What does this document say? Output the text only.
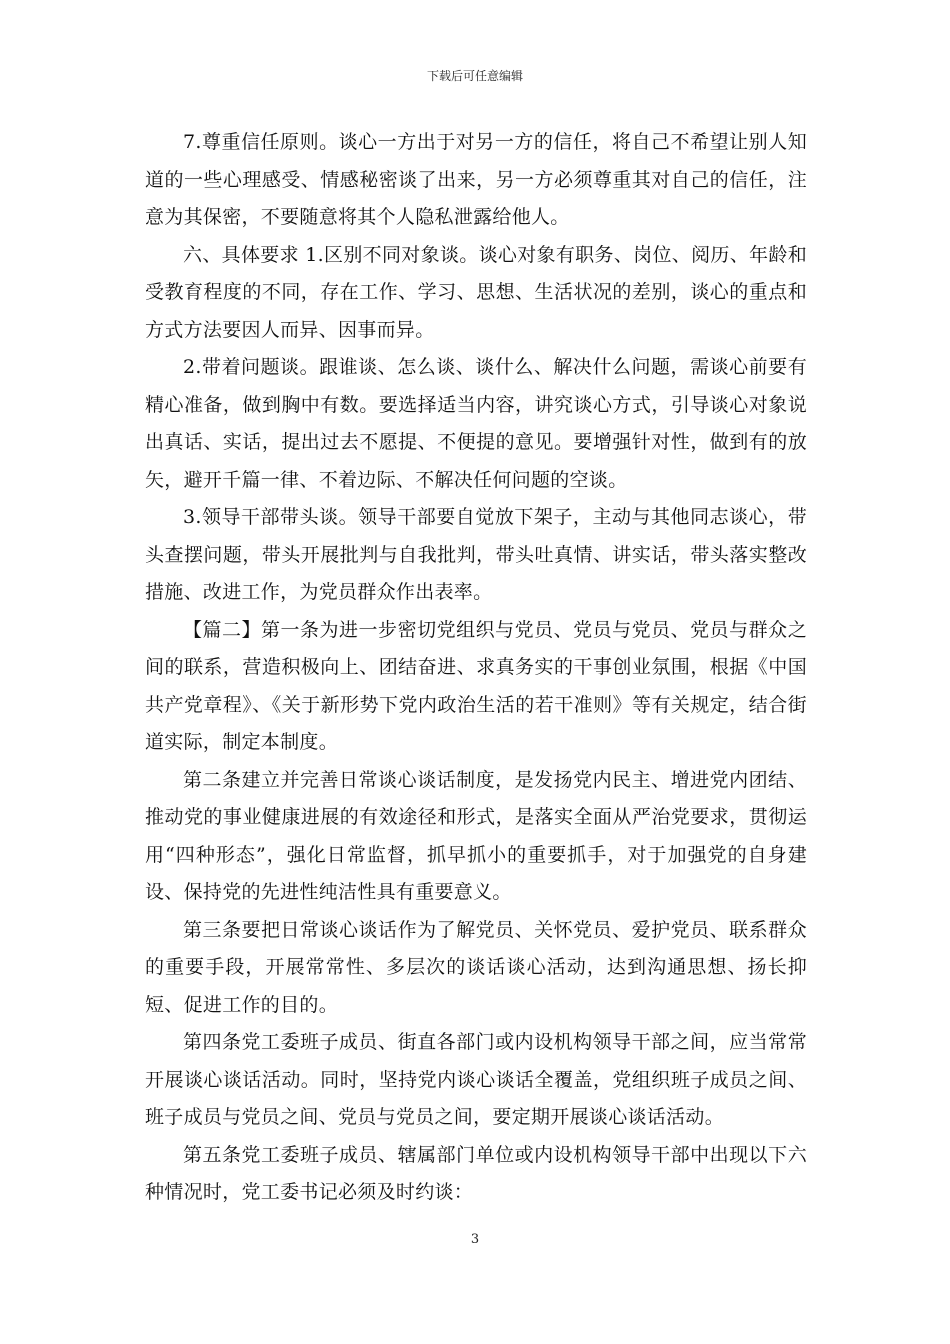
下载后可任意编辑

7.尊重信任原则。谈心一方出于对另一方的信任，将自己不希望让别人知道的一些心理感受、情感秘密谈了出来，另一方必须尊重其对自己的信任，注意为其保密，不要随意将其个人隐私泄露给他人。

六、具体要求 1.区别不同对象谈。谈心对象有职务、岗位、阅历、年龄和受教育程度的不同，存在工作、学习、思想、生活状况的差别，谈心的重点和方式方法要因人而异、因事而异。

2.带着问题谈。跟谁谈、怎么谈、谈什么、解决什么问题，需谈心前要有精心准备，做到胸中有数。要选择适当内容，讲究谈心方式，引导谈心对象说出真话、实话，提出过去不愿提、不便提的意见。要增强针对性，做到有的放矢，避开千篇一律、不着边际、不解决任何问题的空谈。

3.领导干部带头谈。领导干部要自觉放下架子，主动与其他同志谈心，带头查摆问题，带头开展批判与自我批判，带头吐真情、讲实话，带头落实整改措施、改进工作，为党员群众作出表率。

【篇二】第一条为进一步密切党组织与党员、党员与党员、党员与群众之间的联系，营造积极向上、团结奋进、求真务实的干事创业氛围，根据《中国共产党章程》、《关于新形势下党内政治生活的若干准则》等有关规定，结合街道实际，制定本制度。

第二条建立并完善日常谈心谈话制度，是发扬党内民主、增进党内团结、推动党的事业健康进展的有效途径和形式，是落实全面从严治党要求，贯彻运用“四种形态”，强化日常监督，抓早抓小的重要抓手，对于加强党的自身建设、保持党的先进性纯洁性具有重要意义。

第三条要把日常谈心谈话作为了解党员、关怀党员、爱护党员、联系群众的重要手段，开展常常性、多层次的谈话谈心活动，达到沟通思想、扬长抑短、促进工作的目的。

第四条党工委班子成员、街直各部门或内设机构领导干部之间，应当常常开展谈心谈话活动。同时，坚持党内谈心谈话全覆盖，党组织班子成员之间、班子成员与党员之间、党员与党员之间，要定期开展谈心谈话活动。

第五条党工委班子成员、辖属部门单位或内设机构领导干部中出现以下六种情况时，党工委书记必须及时约谈：

3
